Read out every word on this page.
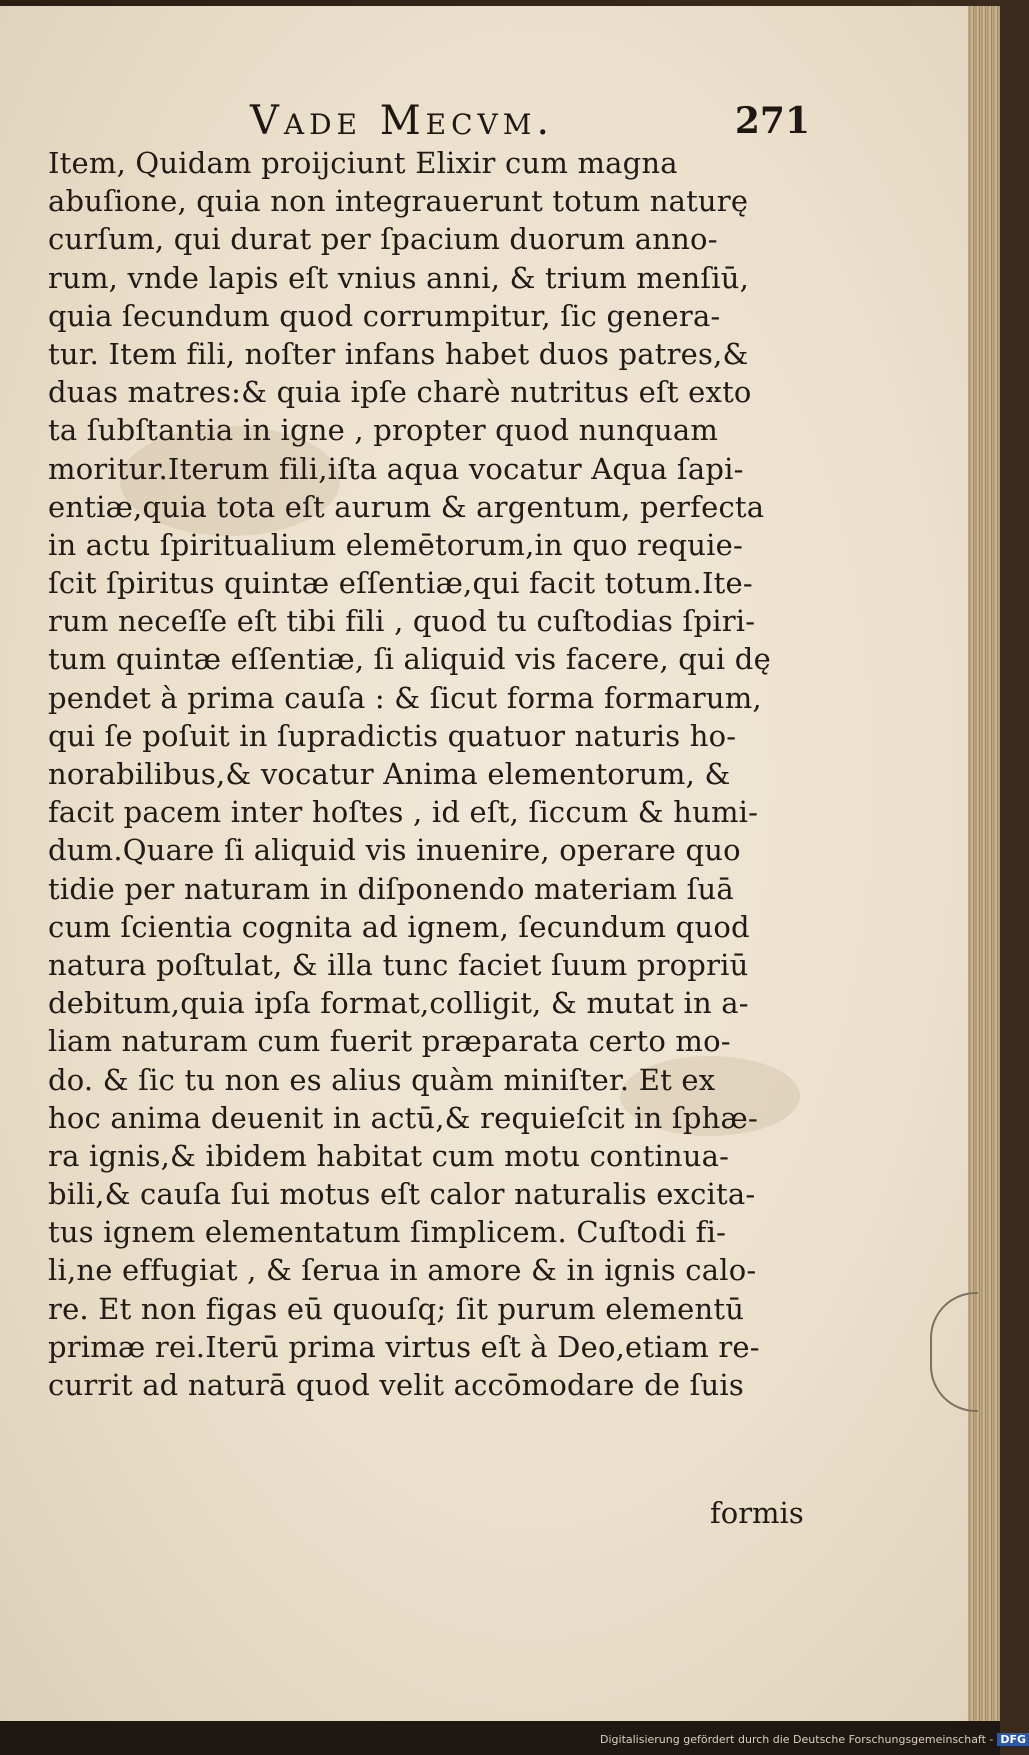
Vade Mecvm.	271
Item, Quidam proijciunt Elixir cum magna
abuſione, quia non integrauerunt totum naturę
curſum, qui durat per ſpacium duorum anno-
rum, vnde lapis eſt vnius anni, & trium menſiū,
quia ſecundum quod corrumpitur, ſic genera-
tur. Item fili, noſter infans habet duos patres,&
duas matres:& quia ipſe charè nutritus eſt exto
ta ſubſtantia in igne , propter quod nunquam
moritur.Iterum fili,iſta aqua vocatur Aqua ſapi-
entiæ,quia tota eſt aurum & argentum, perfecta
in actu ſpiritualium elemētorum,in quo requie-
ſcit ſpiritus quintæ eſſentiæ,qui facit totum.Ite-
rum neceſſe eſt tibi fili , quod tu cuſtodias ſpiri-
tum quintæ eſſentiæ, ſi aliquid vis facere, qui dę
pendet à prima cauſa : & ſicut forma formarum,
qui ſe poſuit in ſupradictis quatuor naturis ho-
norabilibus,& vocatur Anima elementorum, &
facit pacem inter hoſtes , id eſt, ſiccum & humi-
dum.Quare ſi aliquid vis inuenire, operare quo
tidie per naturam in diſponendo materiam ſuā
cum ſcientia cognita ad ignem, ſecundum quod
natura poſtulat, & illa tunc faciet ſuum propriū
debitum,quia ipſa format,colligit, & mutat in a-
liam naturam cum fuerit præparata certo mo-
do. & ſic tu non es alius quàm miniſter. Et ex
hoc anima deuenit in actū,& requieſcit in ſphæ-
ra ignis,& ibidem habitat cum motu continua-
bili,& cauſa ſui motus eſt calor naturalis excita-
tus ignem elementatum ſimplicem. Cuſtodi fi-
li,ne effugiat , & ſerua in amore & in ignis calo-
re. Et non figas eū quouſq; ſit purum elementū
primæ rei.Iterū prima virtus eſt à Deo,etiam re-
currit ad naturā quod velit accōmodare de ſuis
formis
Digitalisierung gefördert durch die Deutsche Forschungsgemeinschaft - DFG
